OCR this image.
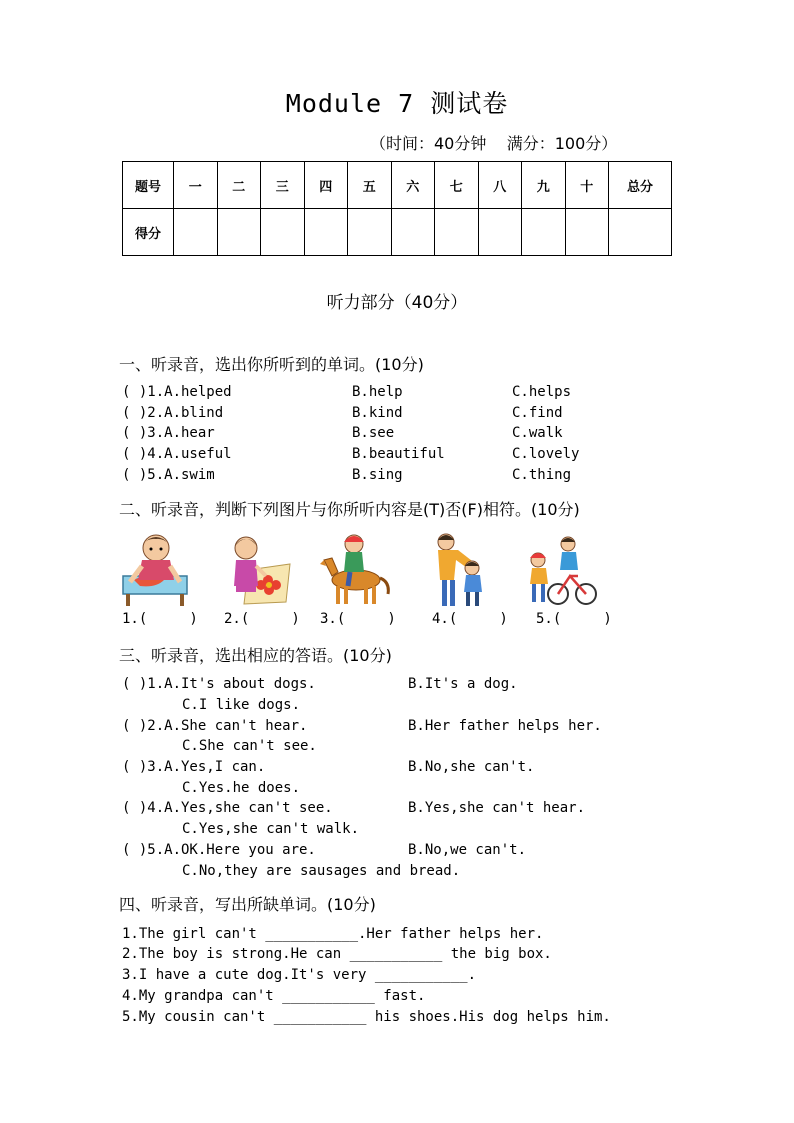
Module 7 测试卷
（时间：40分钟    满分：100分）
题号	一	二	三	四	五	六	七	八	九	十	总分
得分											
听力部分（40分）
一、听录音，选出你所听到的单词。(10分)
( )1.A.helped	B.help	C.helps
( )2.A.blind	B.kind	C.find
( )3.A.hear	B.see	C.walk
( )4.A.useful	B.beautiful	C.lovely
( )5.A.swim	B.sing	C.thing
二、听录音，判断下列图片与你所听内容是(T)否(F)相符。(10分)
1.(     ) 2.(     ) 3.(     )	4.(     ) 5.(     )
三、听录音，选出相应的答语。(10分)
( )1.A.It's about dogs.	B.It's a dog.
C.I like dogs.
( )2.A.She can't hear.	B.Her father helps her.
C.She can't see.
( )3.A.Yes,I can.	B.No,she can't.
C.Yes.he does.
( )4.A.Yes,she can't see.	B.Yes,she can't hear.
C.Yes,she can't walk.
( )5.A.OK.Here you are.	B.No,we can't.
C.No,they are sausages and bread.
四、听录音，写出所缺单词。(10分)
1.The girl can't ___________.Her father helps her.
2.The boy is strong.He can ___________ the big box.
3.I have a cute dog.It's very ___________.
4.My grandpa can't ___________ fast.
5.My cousin can't ___________ his shoes.His dog helps him.
